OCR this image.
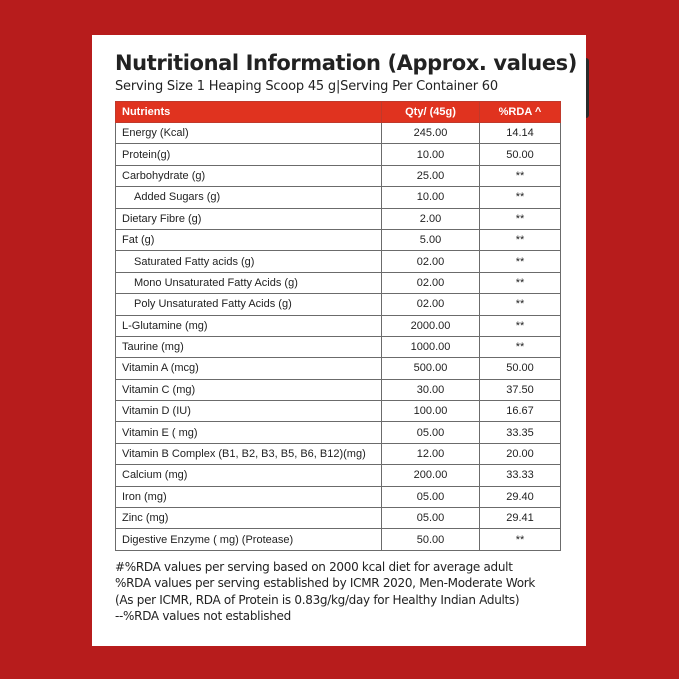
Nutritional Information (Approx. values)
Serving Size 1 Heaping Scoop 45 g|Serving Per Container 60
Nutrients	Qty/ (45g)	%RDA ^
Energy (Kcal)	245.00	14.14
Protein(g)	10.00	50.00
Carbohydrate (g)	25.00	**
Added Sugars (g)	10.00	**
Dietary Fibre (g)	2.00	**
Fat (g)	5.00	**
Saturated Fatty acids (g)	02.00	**
Mono Unsaturated Fatty Acids (g)	02.00	**
Poly Unsaturated Fatty Acids (g)	02.00	**
L-Glutamine (mg)	2000.00	**
Taurine (mg)	1000.00	**
Vitamin A (mcg)	500.00	50.00
Vitamin C (mg)	30.00	37.50
Vitamin D (IU)	100.00	16.67
Vitamin E ( mg)	05.00	33.35
Vitamin B Complex (B1, B2, B3, B5, B6, B12)(mg)	12.00	20.00
Calcium (mg)	200.00	33.33
Iron (mg)	05.00	29.40
Zinc (mg)	05.00	29.41
Digestive Enzyme ( mg) (Protease)	50.00	**
#%RDA values per serving based on 2000 kcal diet for average adult
%RDA values per serving established by ICMR 2020, Men-Moderate Work
(As per ICMR, RDA of Protein is 0.83g/kg/day for Healthy Indian Adults)
--%RDA values not established
